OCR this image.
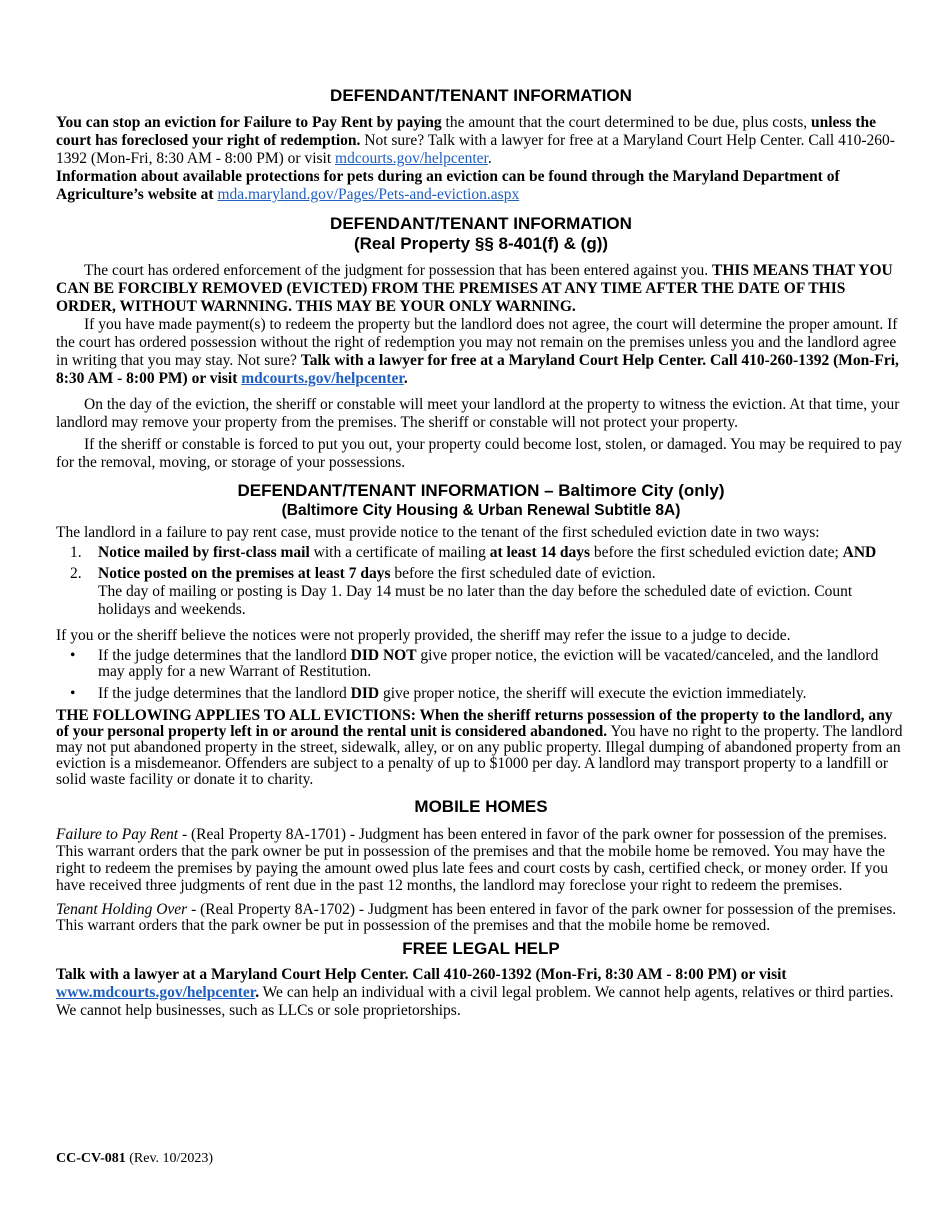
DEFENDANT/TENANT INFORMATION

You can stop an eviction for Failure to Pay Rent by paying the amount that the court determined to be due, plus costs, unless the court has foreclosed your right of redemption. Not sure? Talk with a lawyer for free at a Maryland Court Help Center. Call 410-260-1392 (Mon-Fri, 8:30 AM - 8:00 PM) or visit mdcourts.gov/helpcenter.

Information about available protections for pets during an eviction can be found through the Maryland Department of Agriculture’s website at mda.maryland.gov/Pages/Pets-and-eviction.aspx

DEFENDANT/TENANT INFORMATION
(Real Property §§ 8-401(f) & (g))

The court has ordered enforcement of the judgment for possession that has been entered against you. THIS MEANS THAT YOU CAN BE FORCIBLY REMOVED (EVICTED) FROM THE PREMISES AT ANY TIME AFTER THE DATE OF THIS ORDER, WITHOUT WARNNING. THIS MAY BE YOUR ONLY WARNING.

If you have made payment(s) to redeem the property but the landlord does not agree, the court will determine the proper amount. If the court has ordered possession without the right of redemption you may not remain on the premises unless you and the landlord agree in writing that you may stay. Not sure? Talk with a lawyer for free at a Maryland Court Help Center. Call 410-260-1392 (Mon-Fri, 8:30 AM - 8:00 PM) or visit mdcourts.gov/helpcenter.

On the day of the eviction, the sheriff or constable will meet your landlord at the property to witness the eviction. At that time, your landlord may remove your property from the premises. The sheriff or constable will not protect your property.

If the sheriff or constable is forced to put you out, your property could become lost, stolen, or damaged. You may be required to pay for the removal, moving, or storage of your possessions.

DEFENDANT/TENANT INFORMATION – Baltimore City (only)
(Baltimore City Housing & Urban Renewal Subtitle 8A)

The landlord in a failure to pay rent case, must provide notice to the tenant of the first scheduled eviction date in two ways:

1. Notice mailed by first-class mail with a certificate of mailing at least 14 days before the first scheduled eviction date; AND
2. Notice posted on the premises at least 7 days before the first scheduled date of eviction.
The day of mailing or posting is Day 1. Day 14 must be no later than the day before the scheduled date of eviction. Count holidays and weekends.

If you or the sheriff believe the notices were not properly provided, the sheriff may refer the issue to a judge to decide.

• If the judge determines that the landlord DID NOT give proper notice, the eviction will be vacated/canceled, and the landlord may apply for a new Warrant of Restitution.
• If the judge determines that the landlord DID give proper notice, the sheriff will execute the eviction immediately.

THE FOLLOWING APPLIES TO ALL EVICTIONS: When the sheriff returns possession of the property to the landlord, any of your personal property left in or around the rental unit is considered abandoned. You have no right to the property. The landlord may not put abandoned property in the street, sidewalk, alley, or on any public property. Illegal dumping of abandoned property from an eviction is a misdemeanor. Offenders are subject to a penalty of up to $1000 per day. A landlord may transport property to a landfill or solid waste facility or donate it to charity.

MOBILE HOMES

Failure to Pay Rent - (Real Property 8A-1701) - Judgment has been entered in favor of the park owner for possession of the premises. This warrant orders that the park owner be put in possession of the premises and that the mobile home be removed. You may have the right to redeem the premises by paying the amount owed plus late fees and court costs by cash, certified check, or money order. If you have received three judgments of rent due in the past 12 months, the landlord may foreclose your right to redeem the premises.

Tenant Holding Over - (Real Property 8A-1702) - Judgment has been entered in favor of the park owner for possession of the premises. This warrant orders that the park owner be put in possession of the premises and that the mobile home be removed.

FREE LEGAL HELP

Talk with a lawyer at a Maryland Court Help Center. Call 410-260-1392 (Mon-Fri, 8:30 AM - 8:00 PM) or visit www.mdcourts.gov/helpcenter. We can help an individual with a civil legal problem. We cannot help agents, relatives or third parties. We cannot help businesses, such as LLCs or sole proprietorships.

CC-CV-081 (Rev. 10/2023)
